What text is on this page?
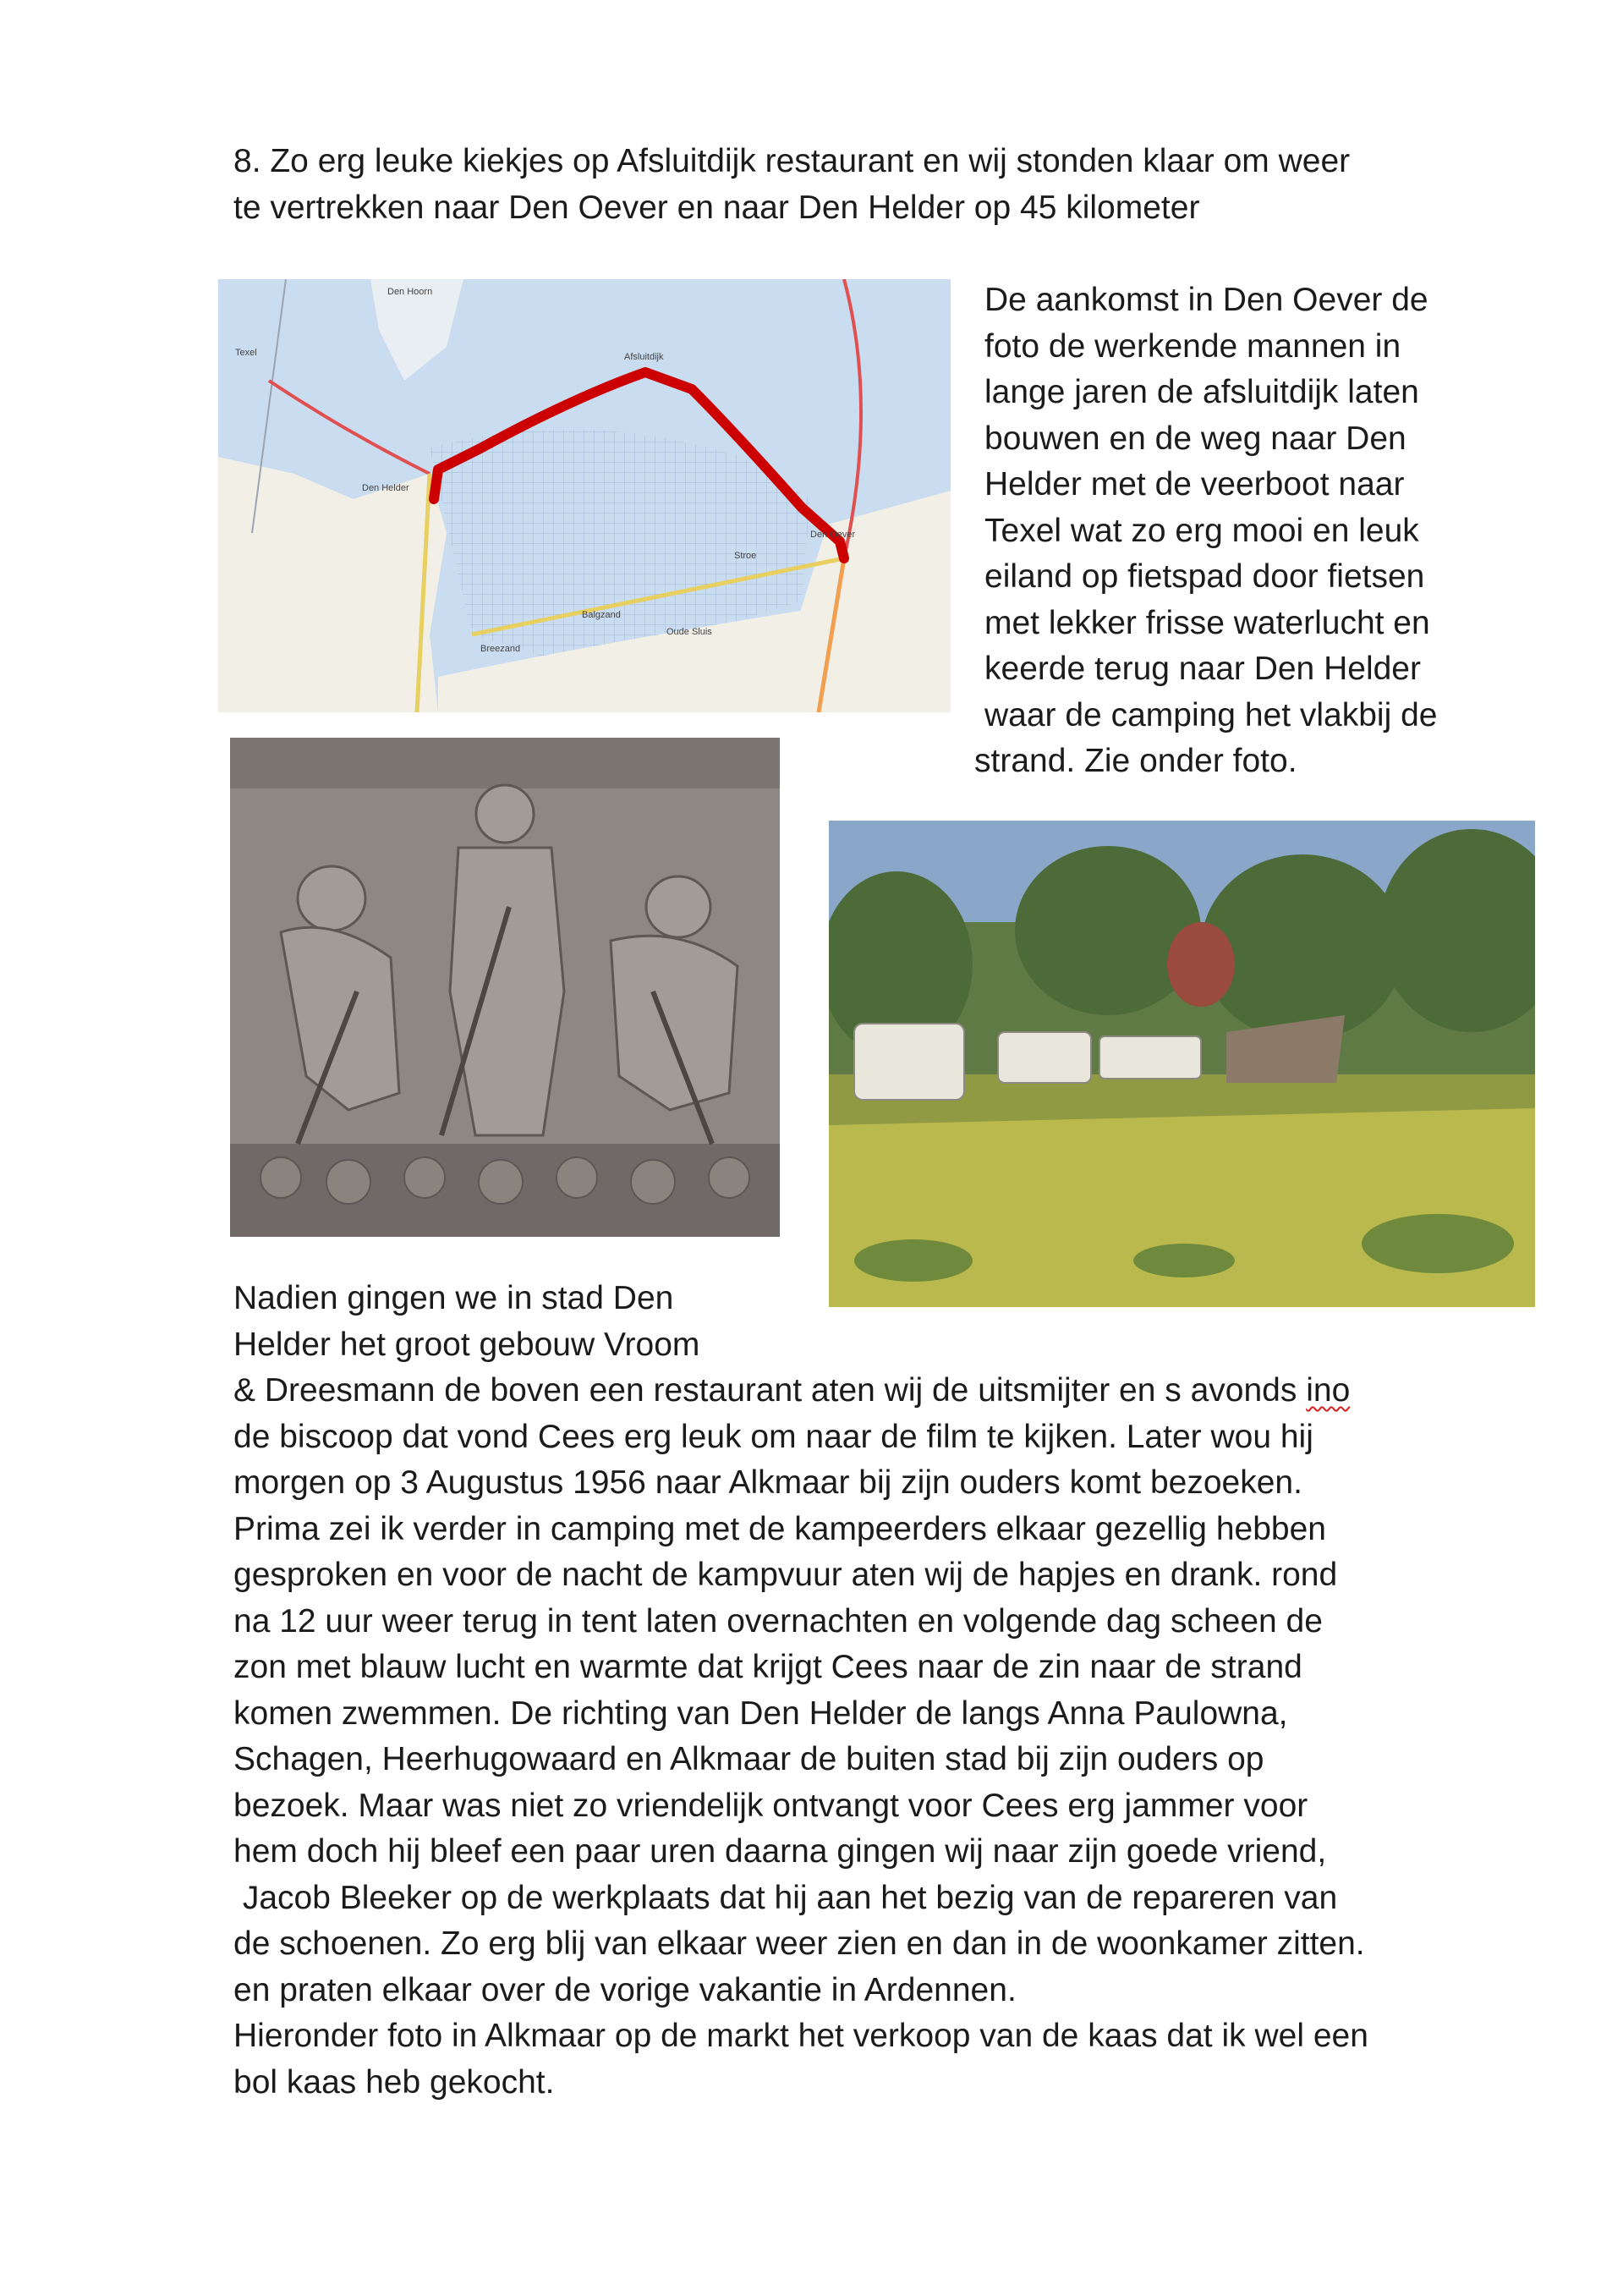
8. Zo erg leuke kiekjes op Afsluitdijk restaurant en wij stonden klaar om weer
te vertrekken naar Den Oever en naar Den Helder op 45 kilometer

Den Hoorn
Afsluitdijk
Den Oever
Balgzand
Breezand
Oude Sluis
Stroe
Den Helder
Texel

De aankomst in Den Oever de
foto de werkende mannen in
lange jaren de afsluitdijk laten
bouwen en de weg naar Den
Helder met de veerboot naar
Texel wat zo erg mooi en leuk
eiland op fietspad door fietsen
met lekker frisse waterlucht en
keerde terug naar Den Helder
waar de camping het vlakbij de
strand. Zie onder foto.

Nadien gingen we in stad Den
Helder het groot gebouw Vroom

& Dreesmann de boven een restaurant aten wij de uitsmijter en s avonds ino
de biscoop dat vond Cees erg leuk om naar de film te kijken. Later wou hij
morgen op 3 Augustus 1956 naar Alkmaar bij zijn ouders komt bezoeken.
Prima zei ik verder in camping met de kampeerders elkaar gezellig hebben
gesproken en voor de nacht de kampvuur aten wij de hapjes en drank. rond
na 12 uur weer terug in tent laten overnachten en volgende dag scheen de
zon met blauw lucht en warmte dat krijgt Cees naar de zin naar de strand
komen zwemmen. De richting van Den Helder de langs Anna Paulowna,
Schagen, Heerhugowaard en Alkmaar de buiten stad bij zijn ouders op
bezoek. Maar was niet zo vriendelijk ontvangt voor Cees erg jammer voor
hem doch hij bleef een paar uren daarna gingen wij naar zijn goede vriend,
Jacob Bleeker op de werkplaats dat hij aan het bezig van de repareren van
de schoenen. Zo erg blij van elkaar weer zien en dan in de woonkamer zitten.
en praten elkaar over de vorige vakantie in Ardennen.
Hieronder foto in Alkmaar op de markt het verkoop van de kaas dat ik wel een
bol kaas heb gekocht.
